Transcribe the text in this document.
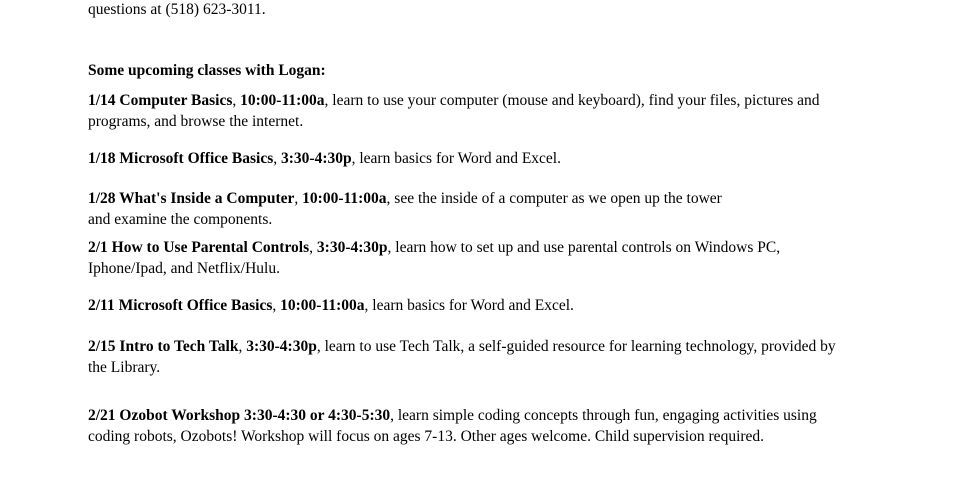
questions at (518) 623-3011.
Some upcoming classes with Logan:
1/14 Computer Basics, 10:00-11:00a, learn to use your computer (mouse and keyboard), find your files, pictures and programs, and browse the internet.
1/18 Microsoft Office Basics, 3:30-4:30p, learn basics for Word and Excel.
1/28 What's Inside a Computer, 10:00-11:00a, see the inside of a computer as we open up the tower and examine the components.
2/1 How to Use Parental Controls, 3:30-4:30p, learn how to set up and use parental controls on Windows PC, Iphone/Ipad, and Netflix/Hulu.
2/11 Microsoft Office Basics, 10:00-11:00a, learn basics for Word and Excel.
2/15 Intro to Tech Talk, 3:30-4:30p, learn to use Tech Talk, a self-guided resource for learning technology, provided by the Library.
2/21 Ozobot Workshop 3:30-4:30 or 4:30-5:30, learn simple coding concepts through fun, engaging activities using coding robots, Ozobots! Workshop will focus on ages 7-13. Other ages welcome. Child supervision required.
